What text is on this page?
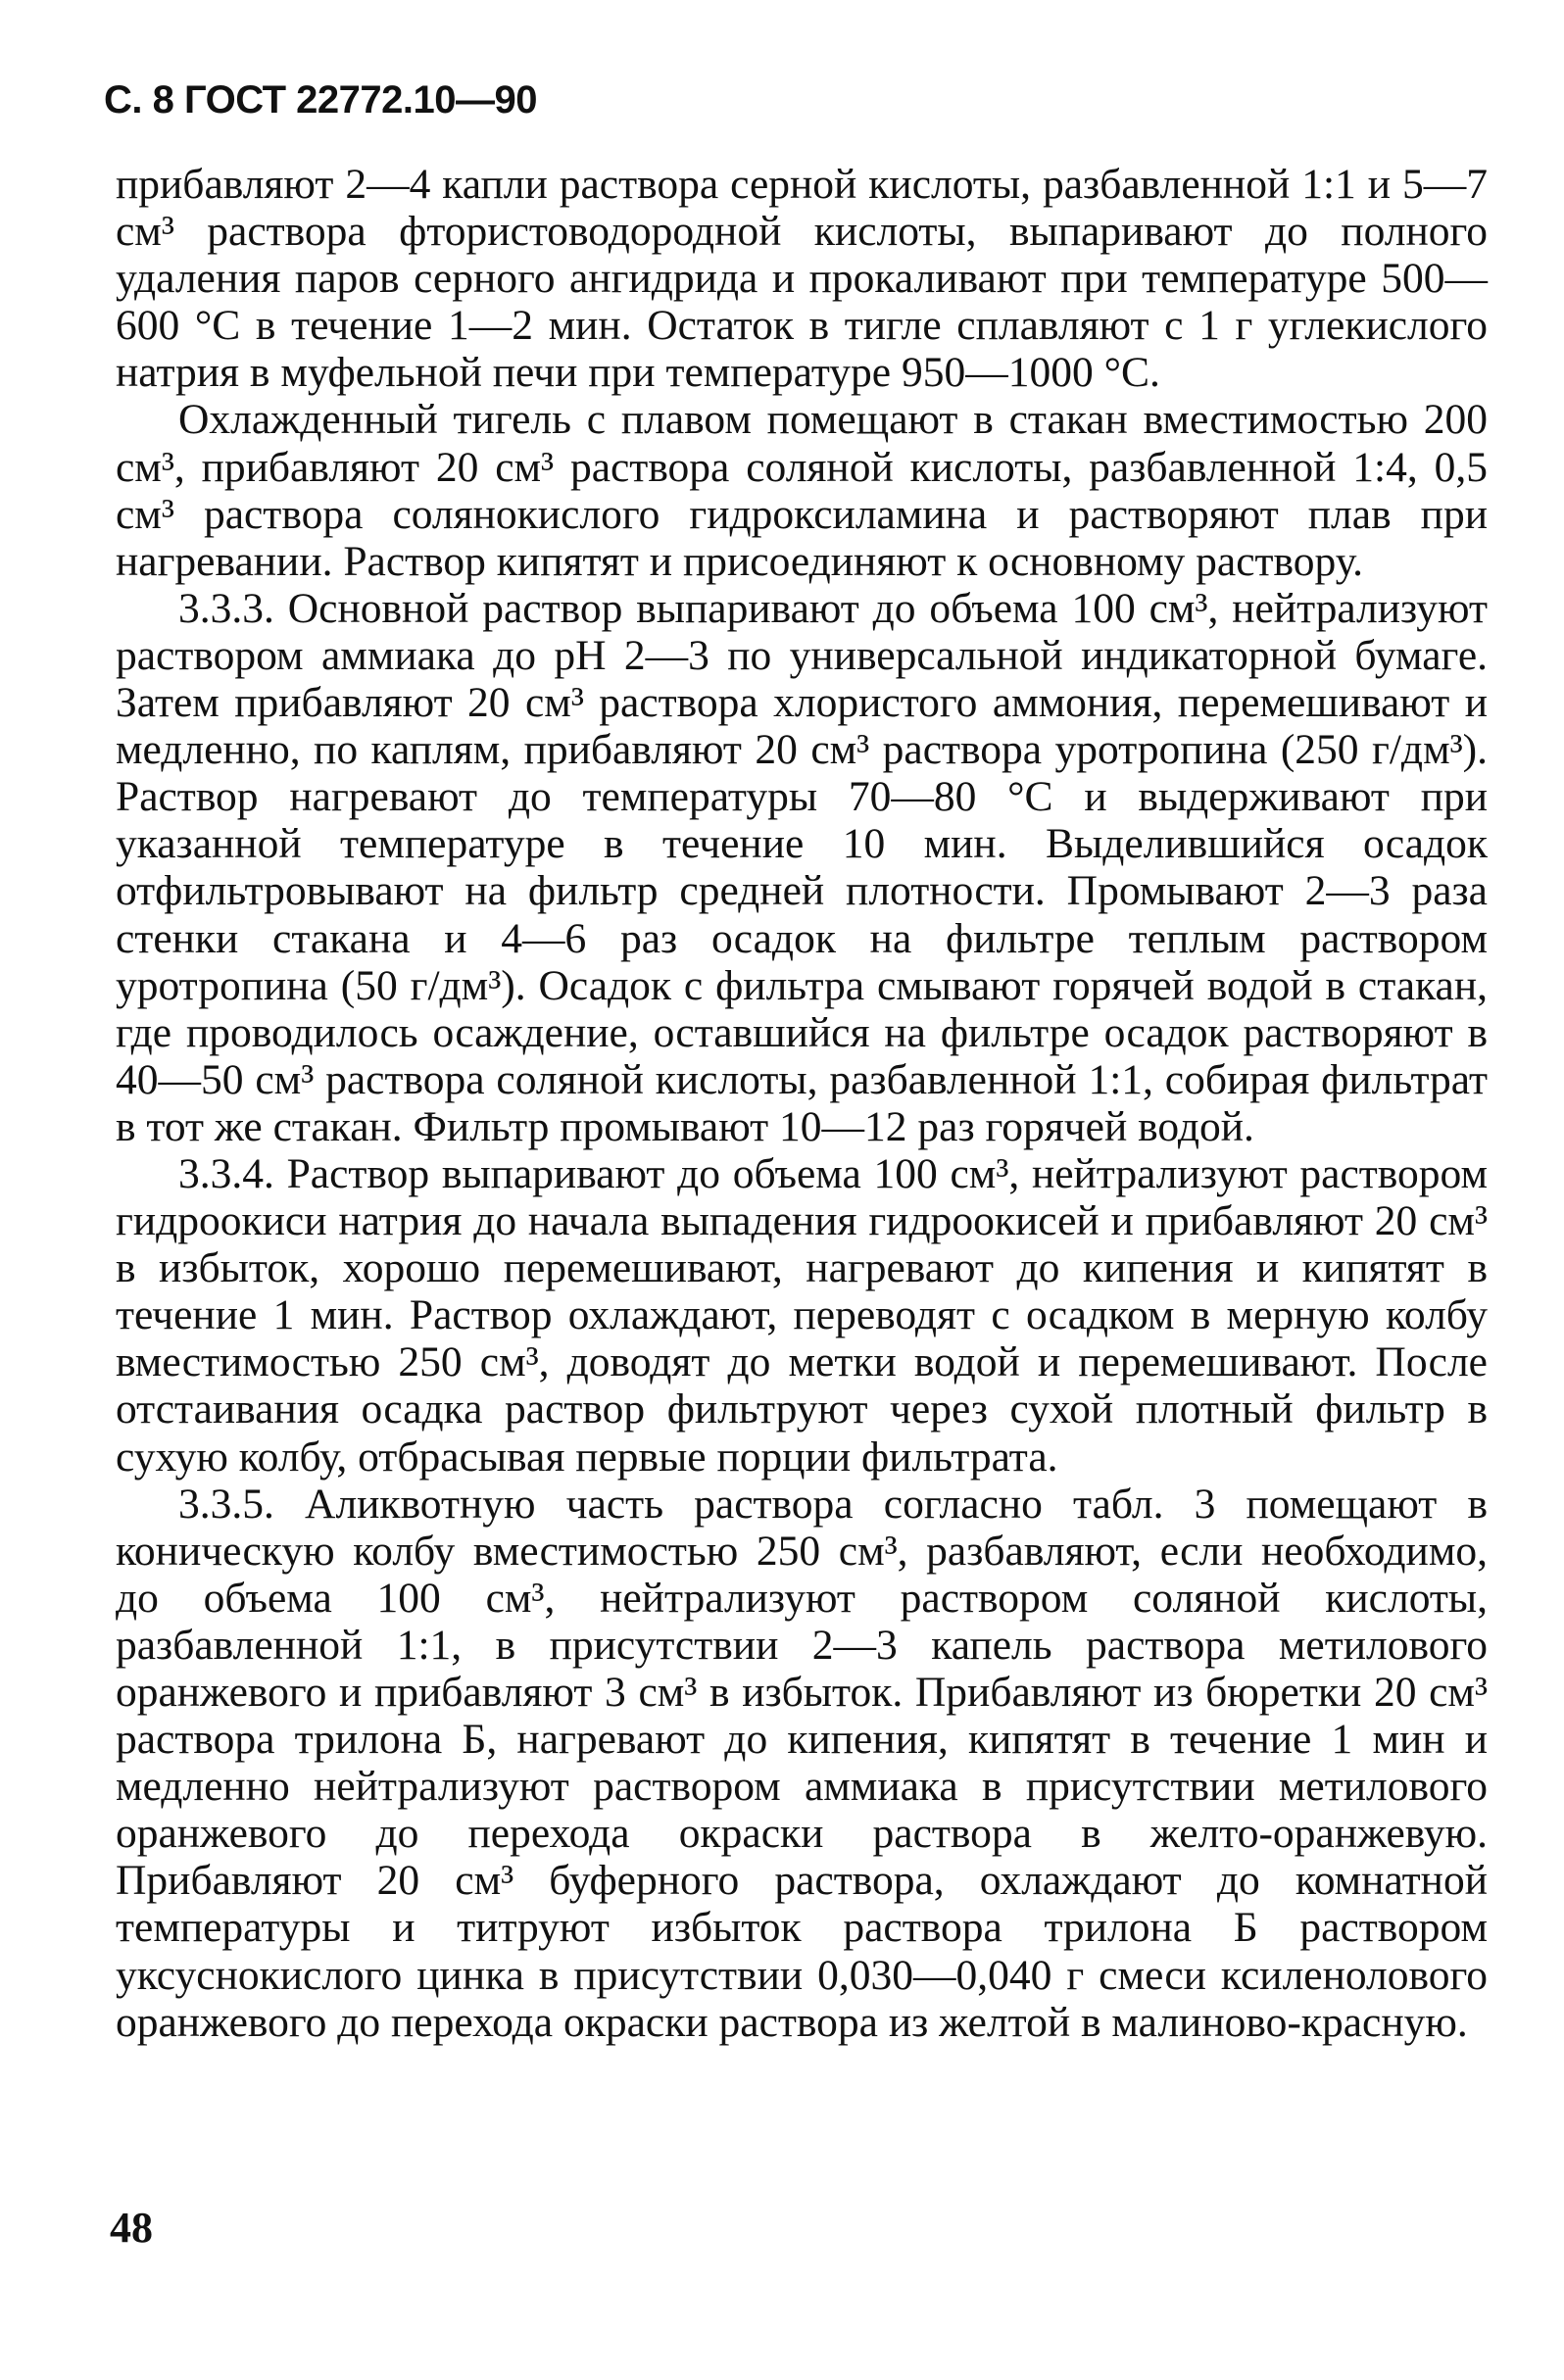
С. 8 ГОСТ 22772.10—90

прибавляют 2—4 капли раствора серной кислоты, разбавленной 1:1 и 5—7 см³ раствора фтористоводородной кислоты, выпаривают до полного удаления паров серного ангидрида и прокаливают при температуре 500—600 °С в течение 1—2 мин. Остаток в тигле сплавляют с 1 г углекислого натрия в муфельной печи при температуре 950—1000 °С.

Охлажденный тигель с плавом помещают в стакан вместимостью 200 см³, прибавляют 20 см³ раствора соляной кислоты, разбавленной 1:4, 0,5 см³ раствора солянокислого гидроксиламина и растворяют плав при нагревании. Раствор кипятят и присоединяют к основному раствору.

3.3.3. Основной раствор выпаривают до объема 100 см³, нейтрализуют раствором аммиака до pH 2—3 по универсальной индикаторной бумаге. Затем прибавляют 20 см³ раствора хлористого аммония, перемешивают и медленно, по каплям, прибавляют 20 см³ раствора уротропина (250 г/дм³). Раствор нагревают до температуры 70—80 °С и выдерживают при указанной температуре в течение 10 мин. Выделившийся осадок отфильтровывают на фильтр средней плотности. Промывают 2—3 раза стенки стакана и 4—6 раз осадок на фильтре теплым раствором уротропина (50 г/дм³). Осадок с фильтра смывают горячей водой в стакан, где проводилось осаждение, оставшийся на фильтре осадок растворяют в 40—50 см³ раствора соляной кислоты, разбавленной 1:1, собирая фильтрат в тот же стакан. Фильтр промывают 10—12 раз горячей водой.

3.3.4. Раствор выпаривают до объема 100 см³, нейтрализуют раствором гидроокиси натрия до начала выпадения гидроокисей и прибавляют 20 см³ в избыток, хорошо перемешивают, нагревают до кипения и кипятят в течение 1 мин. Раствор охлаждают, переводят с осадком в мерную колбу вместимостью 250 см³, доводят до метки водой и перемешивают. После отстаивания осадка раствор фильтруют через сухой плотный фильтр в сухую колбу, отбрасывая первые порции фильтрата.

3.3.5. Аликвотную часть раствора согласно табл. 3 помещают в коническую колбу вместимостью 250 см³, разбавляют, если необходимо, до объема 100 см³, нейтрализуют раствором соляной кислоты, разбавленной 1:1, в присутствии 2—3 капель раствора метилового оранжевого и прибавляют 3 см³ в избыток. Прибавляют из бюретки 20 см³ раствора трилона Б, нагревают до кипения, кипятят в течение 1 мин и медленно нейтрализуют раствором аммиака в присутствии метилового оранжевого до перехода окраски раствора в желто-оранжевую. Прибавляют 20 см³ буферного раствора, охлаждают до комнатной температуры и титруют избыток раствора трилона Б раствором уксуснокислого цинка в присутствии 0,030—0,040 г смеси ксиленолового оранжевого до перехода окраски раствора из желтой в малиново-красную.

48
